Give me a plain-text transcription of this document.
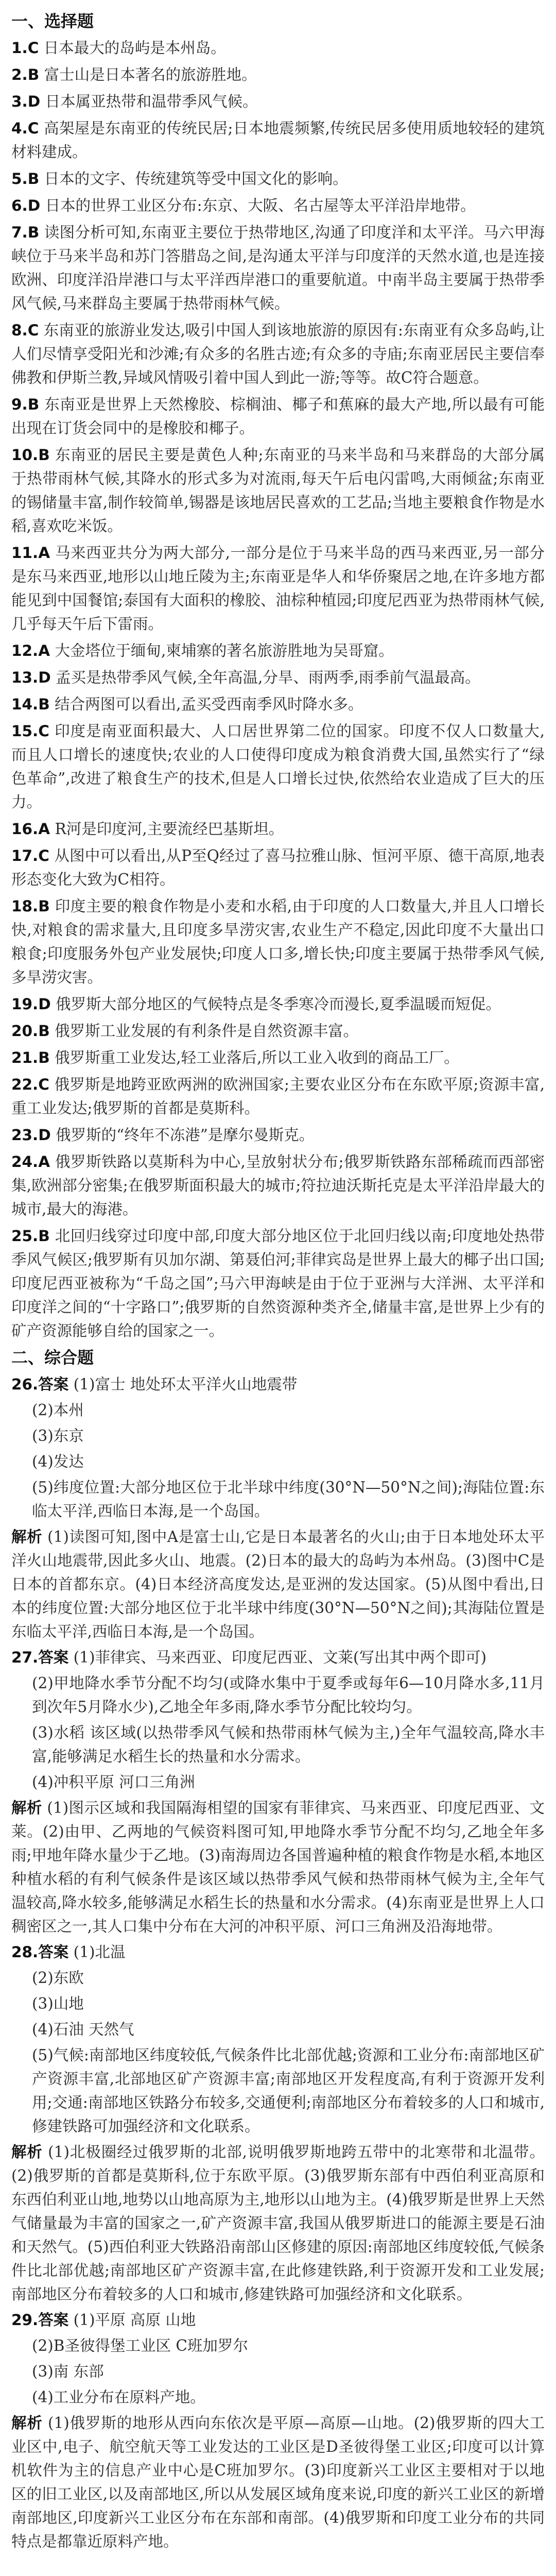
一、选择题
1.C 日本最大的岛屿是本州岛。
2.B 富士山是日本著名的旅游胜地。
3.D 日本属亚热带和温带季风气候。
4.C 高架屋是东南亚的传统民居;日本地震频繁,传统民居多使用质地较轻的建筑材料建成。
5.B 日本的文字、传统建筑等受中国文化的影响。
6.D 日本的世界工业区分布:东京、大阪、名古屋等太平洋沿岸地带。
7.B 读图分析可知,东南亚主要位于热带地区,沟通了印度洋和太平洋。马六甲海峡位于马来半岛和苏门答腊岛之间,是沟通太平洋与印度洋的天然水道,也是连接欧洲、印度洋沿岸港口与太平洋西岸港口的重要航道。中南半岛主要属于热带季风气候,马来群岛主要属于热带雨林气候。
8.C 东南亚的旅游业发达,吸引中国人到该地旅游的原因有:东南亚有众多岛屿,让人们尽情享受阳光和沙滩;有众多的名胜古迹;有众多的寺庙;东南亚居民主要信奉佛教和伊斯兰教,异域风情吸引着中国人到此一游;等等。故C符合题意。
9.B 东南亚是世界上天然橡胶、棕榈油、椰子和蕉麻的最大产地,所以最有可能出现在订货会同中的是橡胶和椰子。
10.B 东南亚的居民主要是黄色人种;东南亚的马来半岛和马来群岛的大部分属于热带雨林气候,其降水的形式多为对流雨,每天午后电闪雷鸣,大雨倾盆;东南亚的锡储量丰富,制作较简单,锡器是该地居民喜欢的工艺品;当地主要粮食作物是水稻,喜欢吃米饭。
11.A 马来西亚共分为两大部分,一部分是位于马来半岛的西马来西亚,另一部分是东马来西亚,地形以山地丘陵为主;东南亚是华人和华侨聚居之地,在许多地方都能见到中国餐馆;泰国有大面积的橡胶、油棕种植园;印度尼西亚为热带雨林气候,几乎每天午后下雷雨。
12.A 大金塔位于缅甸,柬埔寨的著名旅游胜地为吴哥窟。
13.D 孟买是热带季风气候,全年高温,分旱、雨两季,雨季前气温最高。
14.B 结合两图可以看出,孟买受西南季风时降水多。
15.C 印度是南亚面积最大、人口居世界第二位的国家。印度不仅人口数量大,而且人口增长的速度快;农业的人口使得印度成为粮食消费大国,虽然实行了“绿色革命”,改进了粮食生产的技术,但是人口增长过快,依然给农业造成了巨大的压力。
16.A R河是印度河,主要流经巴基斯坦。
17.C 从图中可以看出,从P至Q经过了喜马拉雅山脉、恒河平原、德干高原,地表形态变化大致为C相符。
18.B 印度主要的粮食作物是小麦和水稻,由于印度的人口数量大,并且人口增长快,对粮食的需求量大,且印度多旱涝灾害,农业生产不稳定,因此印度不大量出口粮食;印度服务外包产业发展快;印度人口多,增长快;印度主要属于热带季风气候,多旱涝灾害。
19.D 俄罗斯大部分地区的气候特点是冬季寒冷而漫长,夏季温暖而短促。
20.B 俄罗斯工业发展的有利条件是自然资源丰富。
21.B 俄罗斯重工业发达,轻工业落后,所以工业入收到的商品工厂。
22.C 俄罗斯是地跨亚欧两洲的欧洲国家;主要农业区分布在东欧平原;资源丰富,重工业发达;俄罗斯的首都是莫斯科。
23.D 俄罗斯的“终年不冻港”是摩尔曼斯克。
24.A 俄罗斯铁路以莫斯科为中心,呈放射状分布;俄罗斯铁路东部稀疏而西部密集,欧洲部分密集;在俄罗斯面积最大的城市;符拉迪沃斯托克是太平洋沿岸最大的城市,最大的海港。
25.B 北回归线穿过印度中部,印度大部分地区位于北回归线以南;印度地处热带季风气候区;俄罗斯有贝加尔湖、第聂伯河;菲律宾岛是世界上最大的椰子出口国;印度尼西亚被称为“千岛之国”;马六甲海峡是由于位于亚洲与大洋洲、太平洋和印度洋之间的“十字路口”;俄罗斯的自然资源种类齐全,储量丰富,是世界上少有的矿产资源能够自给的国家之一。
二、综合题
26.答案 (1)富士 地处环太平洋火山地震带
(2)本州
(3)东京
(4)发达
(5)纬度位置:大部分地区位于北半球中纬度(30°N—50°N之间);海陆位置:东临太平洋,西临日本海,是一个岛国。
解析 (1)读图可知,图中A是富士山,它是日本最著名的火山;由于日本地处环太平洋火山地震带,因此多火山、地震。(2)日本的最大的岛屿为本州岛。(3)图中C是日本的首都东京。(4)日本经济高度发达,是亚洲的发达国家。(5)从图中看出,日本的纬度位置:大部分地区位于北半球中纬度(30°N—50°N之间);其海陆位置是东临太平洋,西临日本海,是一个岛国。
27.答案 (1)菲律宾、马来西亚、印度尼西亚、文莱(写出其中两个即可)
(2)甲地降水季节分配不均匀(或降水集中于夏季或每年6—10月降水多,11月到次年5月降水少),乙地全年多雨,降水季节分配比较均匀。
(3)水稻 该区域(以热带季风气候和热带雨林气候为主,)全年气温较高,降水丰富,能够满足水稻生长的热量和水分需求。
(4)冲积平原 河口三角洲
解析 (1)图示区域和我国隔海相望的国家有菲律宾、马来西亚、印度尼西亚、文莱。(2)由甲、乙两地的气候资料图可知,甲地降水季节分配不均匀,乙地全年多雨;甲地年降水量少于乙地。(3)南海周边各国普遍种植的粮食作物是水稻,本地区种植水稻的有利气候条件是该区域以热带季风气候和热带雨林气候为主,全年气温较高,降水较多,能够满足水稻生长的热量和水分需求。(4)东南亚是世界上人口稠密区之一,其人口集中分布在大河的冲积平原、河口三角洲及沿海地带。
28.答案 (1)北温
(2)东欧
(3)山地
(4)石油 天然气
(5)气候:南部地区纬度较低,气候条件比北部优越;资源和工业分布:南部地区矿产资源丰富,北部地区矿产资源丰富;南部地区开发程度高,有利于资源开发利用;交通:南部地区铁路分布较多,交通便利;南部地区分布着较多的人口和城市,修建铁路可加强经济和文化联系。
解析 (1)北极圈经过俄罗斯的北部,说明俄罗斯地跨五带中的北寒带和北温带。(2)俄罗斯的首都是莫斯科,位于东欧平原。(3)俄罗斯东部有中西伯利亚高原和东西伯利亚山地,地势以山地高原为主,地形以山地为主。(4)俄罗斯是世界上天然气储量最为丰富的国家之一,矿产资源丰富,我国从俄罗斯进口的能源主要是石油和天然气。(5)西伯利亚大铁路沿南部山区修建的原因:南部地区纬度较低,气候条件比北部优越;南部地区矿产资源丰富,在此修建铁路,利于资源开发和工业发展;南部地区分布着较多的人口和城市,修建铁路可加强经济和文化联系。
29.答案 (1)平原 高原 山地
(2)B圣彼得堡工业区 C班加罗尔
(3)南 东部
(4)工业分布在原料产地。
解析 (1)俄罗斯的地形从西向东依次是平原—高原—山地。(2)俄罗斯的四大工业区中,电子、航空航天等工业发达的工业区是D圣彼得堡工业区;印度可以计算机软件为主的信息产业中心是C班加罗尔。(3)印度新兴工业区主要相对于以地区的旧工业区,以及南部地区,所以从发展区域角度来说,印度的新兴工业区的新增南部地区,印度新兴工业区分布在东部和南部。(4)俄罗斯和印度工业分布的共同特点是都靠近原料产地。
